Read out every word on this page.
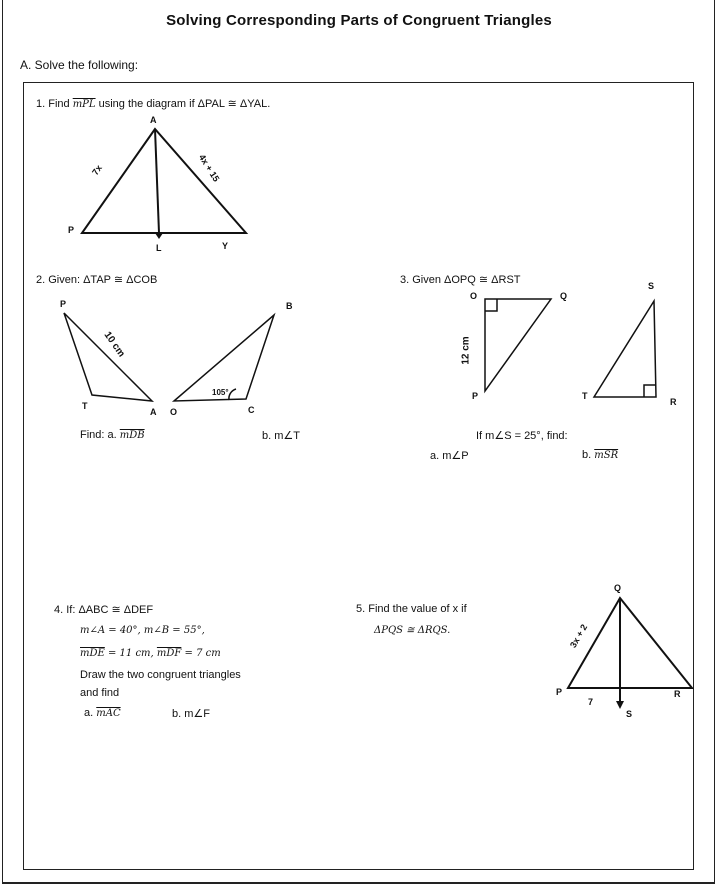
Solving Corresponding Parts of Congruent Triangles
A. Solve the following:
1. Find $\overline{mPL}$ using the diagram if ΔPAL ≅ ΔYAL.
A
P
L	Y
7x	4x + 15
2. Given: ΔTAP ≅ ΔCOB
P
T
A O
B
C
10 cm
105°
Find: a. $\overline{mDB}$	b. m∠T
3. Given ΔOPQ ≅ ΔRST
O	Q
P
12 cm
S
T
R
If m∠S = 25°, find:
a. m∠P	b. $\overline{mSR}$
4. If: ΔABC ≅ ΔDEF
m∠A = 40°, m∠B = 55°,
$\overline{mDE} = 11$ cm, $\overline{mDF} = 7$ cm
Draw the two congruent triangles
and find
a. $\overline{mAC}$	b. m∠F
5. Find the value of x if
ΔPQS ≅ ΔRQS.
Q
P	R
S
7
3x + 2
